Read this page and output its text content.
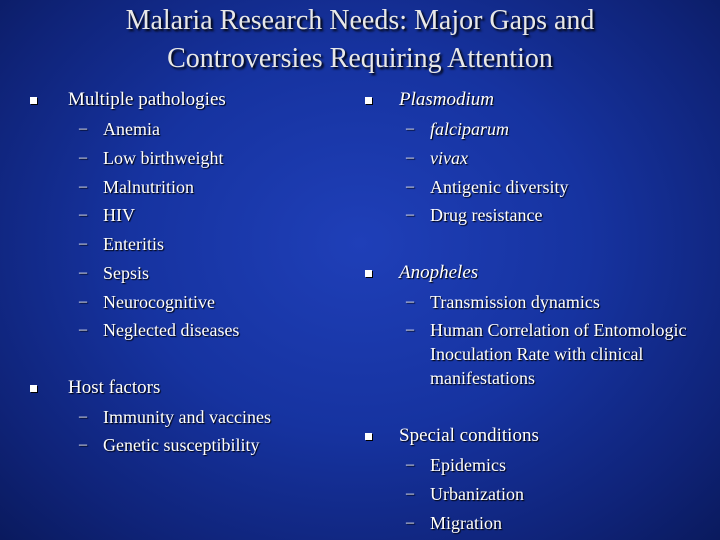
Malaria Research Needs: Major Gaps and
Controversies Requiring Attention
Multiple pathologies
– Anemia
– Low birthweight
– Malnutrition
– HIV
– Enteritis
– Sepsis
– Neurocognitive
– Neglected diseases
Host factors
– Immunity and vaccines
– Genetic susceptibility
Plasmodium
– falciparum
– vivax
– Antigenic diversity
– Drug resistance
Anopheles
– Transmission dynamics
– Human Correlation of Entomologic Inoculation Rate with clinical manifestations
Special conditions
– Epidemics
– Urbanization
– Migration
